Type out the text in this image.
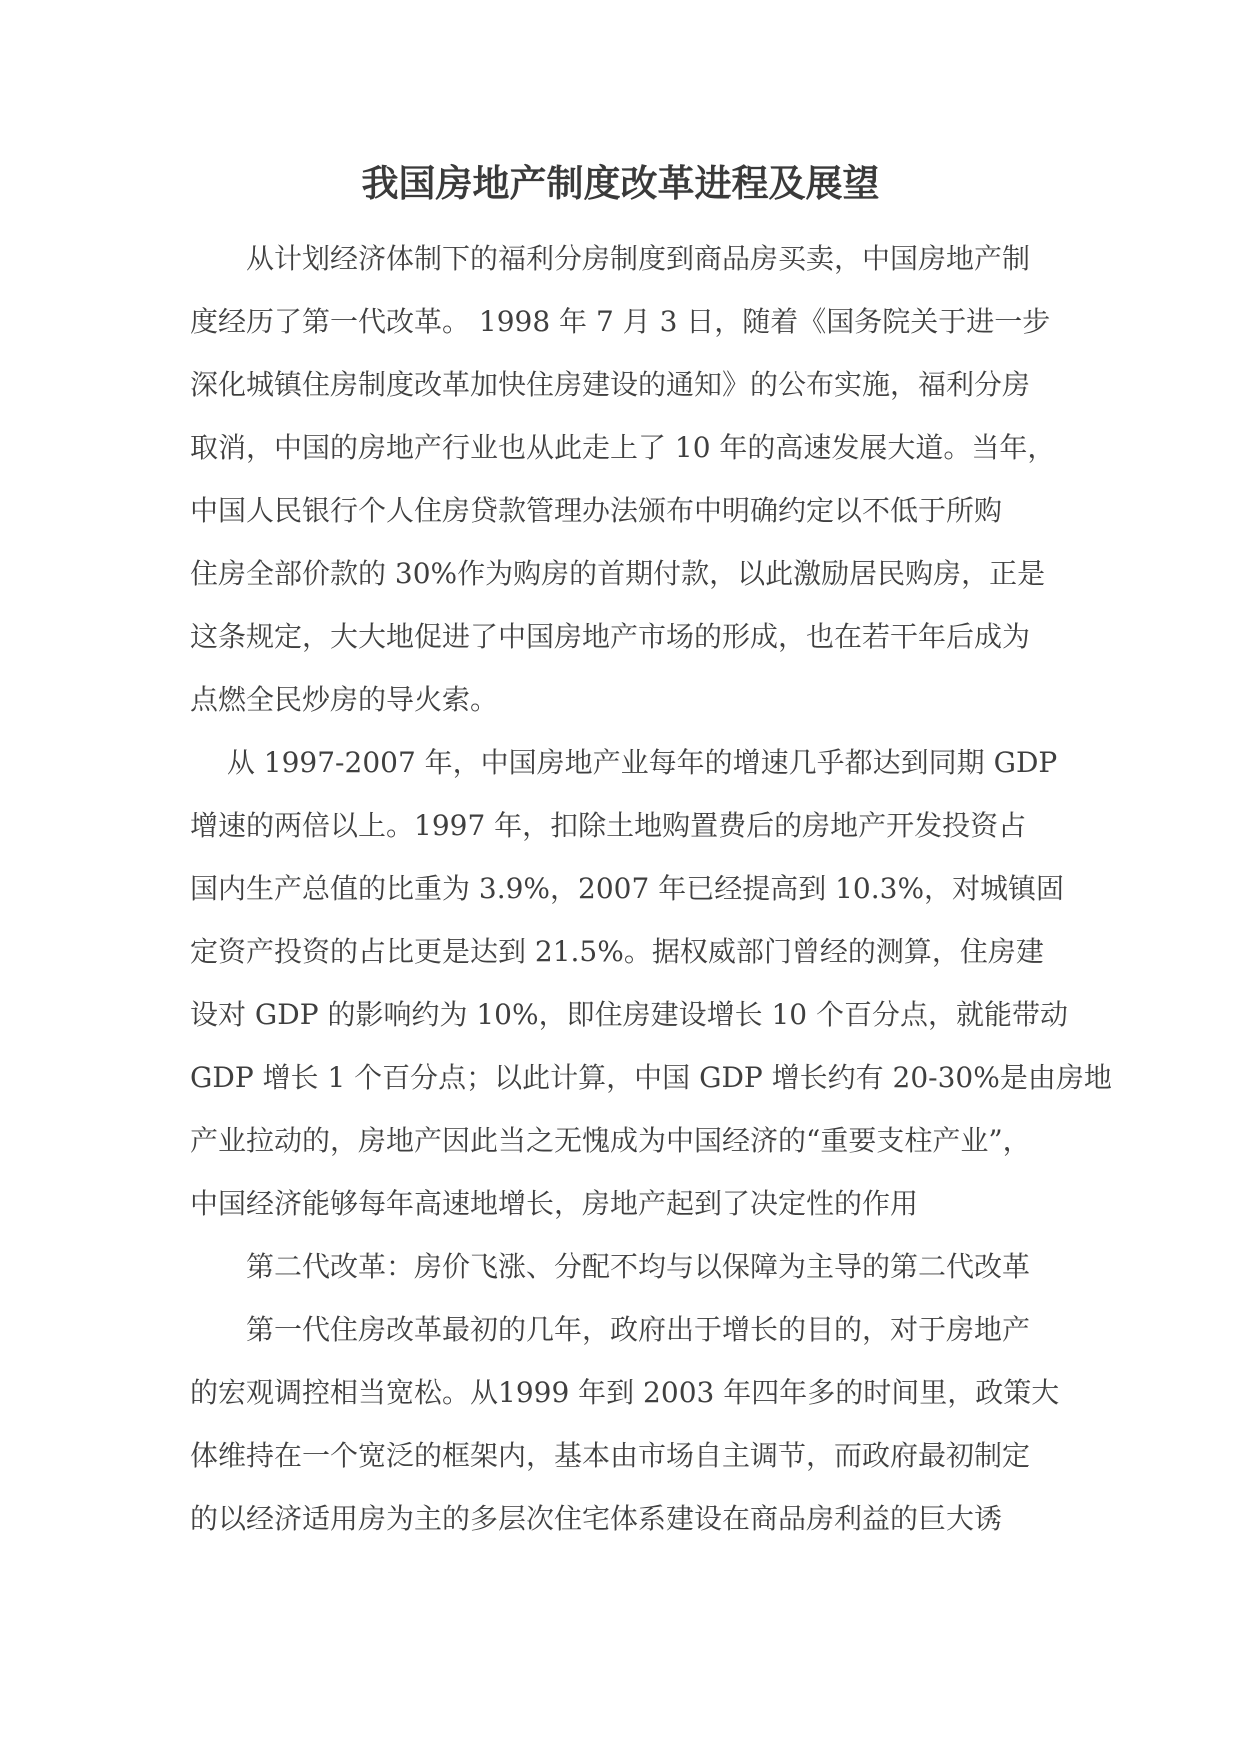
我国房地产制度改革进程及展望

　　从计划经济体制下的福利分房制度到商品房买卖，中国房地产制
度经历了第一代改革。 1998 年 7 月 3 日，随着《国务院关于进一步
深化城镇住房制度改革加快住房建设的通知》的公布实施，福利分房
取消，中国的房地产行业也从此走上了 10 年的高速发展大道。当年，
中国人民银行个人住房贷款管理办法颁布中明确约定以不低于所购
住房全部价款的 30%作为购房的首期付款，以此激励居民购房，正是
这条规定，大大地促进了中国房地产市场的形成，也在若干年后成为
点燃全民炒房的导火索。

　 从 1997-2007 年，中国房地产业每年的增速几乎都达到同期 GDP
增速的两倍以上。1997 年，扣除土地购置费后的房地产开发投资占
国内生产总值的比重为 3.9%，2007 年已经提高到 10.3%，对城镇固
定资产投资的占比更是达到 21.5%。据权威部门曾经的测算，住房建
设对 GDP 的影响约为 10%，即住房建设增长 10 个百分点，就能带动
GDP 增长 1 个百分点；以此计算，中国 GDP 增长约有 20-30%是由房地
产业拉动的，房地产因此当之无愧成为中国经济的“重要支柱产业”，
中国经济能够每年高速地增长，房地产起到了决定性的作用

　　第二代改革：房价飞涨、分配不均与以保障为主导的第二代改革

　　第一代住房改革最初的几年，政府出于增长的目的，对于房地产
的宏观调控相当宽松。从1999 年到 2003 年四年多的时间里，政策大
体维持在一个宽泛的框架内，基本由市场自主调节，而政府最初制定
的以经济适用房为主的多层次住宅体系建设在商品房利益的巨大诱
